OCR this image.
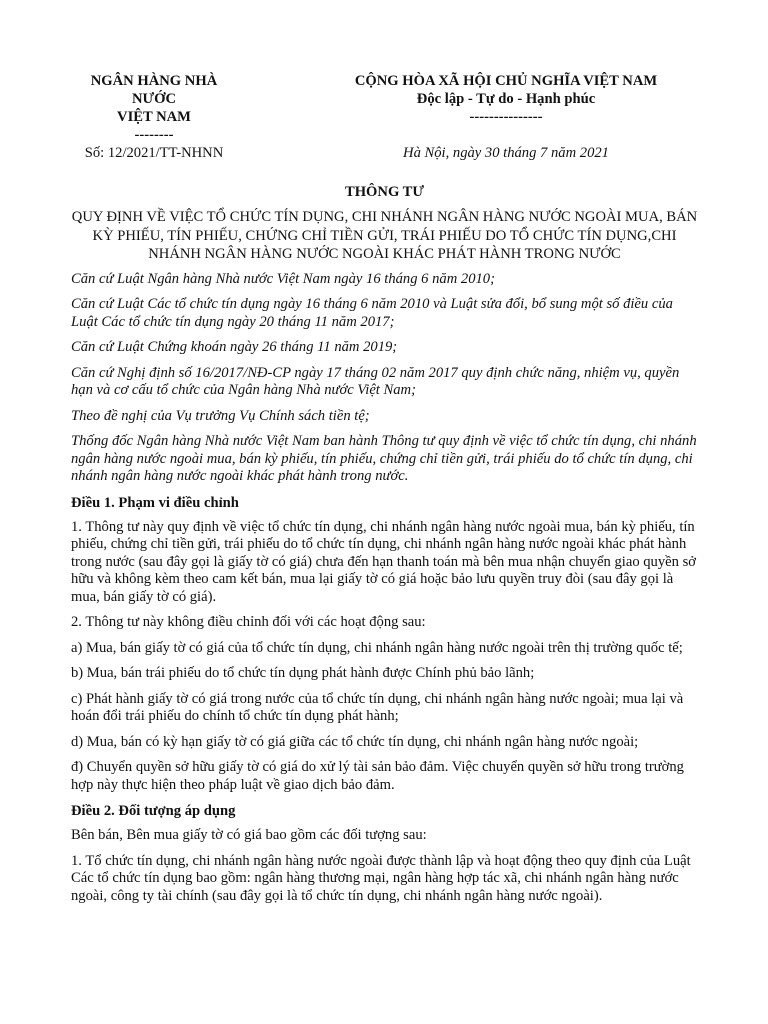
NGÂN HÀNG NHÀ
NƯỚC
VIỆT NAM
--------
CỘNG HÒA XÃ HỘI CHỦ NGHĨA VIỆT NAM
Độc lập - Tự do - Hạnh phúc
---------------
Số: 12/2021/TT-NHNN	Hà Nội, ngày 30 tháng 7 năm 2021
THÔNG TƯ
QUY ĐỊNH VỀ VIỆC TỔ CHỨC TÍN DỤNG, CHI NHÁNH NGÂN HÀNG NƯỚC NGOÀI MUA, BÁN KỲ PHIẾU, TÍN PHIẾU, CHỨNG CHỈ TIỀN GỬI, TRÁI PHIẾU DO TỔ CHỨC TÍN DỤNG,CHI NHÁNH NGÂN HÀNG NƯỚC NGOÀI KHÁC PHÁT HÀNH TRONG NƯỚC

Căn cứ Luật Ngân hàng Nhà nước Việt Nam ngày 16 tháng 6 năm 2010;

Căn cứ Luật Các tổ chức tín dụng ngày 16 tháng 6 năm 2010 và Luật sửa đổi, bổ sung một số điều của Luật Các tổ chức tín dụng ngày 20 tháng 11 năm 2017;

Căn cứ Luật Chứng khoán ngày 26 tháng 11 năm 2019;

Căn cứ Nghị định số 16/2017/NĐ-CP ngày 17 tháng 02 năm 2017 quy định chức năng, nhiệm vụ, quyền hạn và cơ cấu tổ chức của Ngân hàng Nhà nước Việt Nam;

Theo đề nghị của Vụ trưởng Vụ Chính sách tiền tệ;

Thống đốc Ngân hàng Nhà nước Việt Nam ban hành Thông tư quy định về việc tổ chức tín dụng, chi nhánh ngân hàng nước ngoài mua, bán kỳ phiếu, tín phiếu, chứng chỉ tiền gửi, trái phiếu do tổ chức tín dụng, chi nhánh ngân hàng nước ngoài khác phát hành trong nước.

Điều 1. Phạm vi điều chỉnh

1. Thông tư này quy định về việc tổ chức tín dụng, chi nhánh ngân hàng nước ngoài mua, bán kỳ phiếu, tín phiếu, chứng chỉ tiền gửi, trái phiếu do tổ chức tín dụng, chi nhánh ngân hàng nước ngoài khác phát hành trong nước (sau đây gọi là giấy tờ có giá) chưa đến hạn thanh toán mà bên mua nhận chuyển giao quyền sở hữu và không kèm theo cam kết bán, mua lại giấy tờ có giá hoặc bảo lưu quyền truy đòi (sau đây gọi là mua, bán giấy tờ có giá).

2. Thông tư này không điều chỉnh đối với các hoạt động sau:

a) Mua, bán giấy tờ có giá của tổ chức tín dụng, chi nhánh ngân hàng nước ngoài trên thị trường quốc tế;

b) Mua, bán trái phiếu do tổ chức tín dụng phát hành được Chính phủ bảo lãnh;

c) Phát hành giấy tờ có giá trong nước của tổ chức tín dụng, chi nhánh ngân hàng nước ngoài; mua lại và hoán đổi trái phiếu do chính tổ chức tín dụng phát hành;

d) Mua, bán có kỳ hạn giấy tờ có giá giữa các tổ chức tín dụng, chi nhánh ngân hàng nước ngoài;

đ) Chuyển quyền sở hữu giấy tờ có giá do xử lý tài sản bảo đảm. Việc chuyển quyền sở hữu trong trường hợp này thực hiện theo pháp luật về giao dịch bảo đảm.

Điều 2. Đối tượng áp dụng

Bên bán, Bên mua giấy tờ có giá bao gồm các đối tượng sau:

1. Tổ chức tín dụng, chi nhánh ngân hàng nước ngoài được thành lập và hoạt động theo quy định của Luật Các tổ chức tín dụng bao gồm: ngân hàng thương mại, ngân hàng hợp tác xã, chi nhánh ngân hàng nước ngoài, công ty tài chính (sau đây gọi là tổ chức tín dụng, chi nhánh ngân hàng nước ngoài).
